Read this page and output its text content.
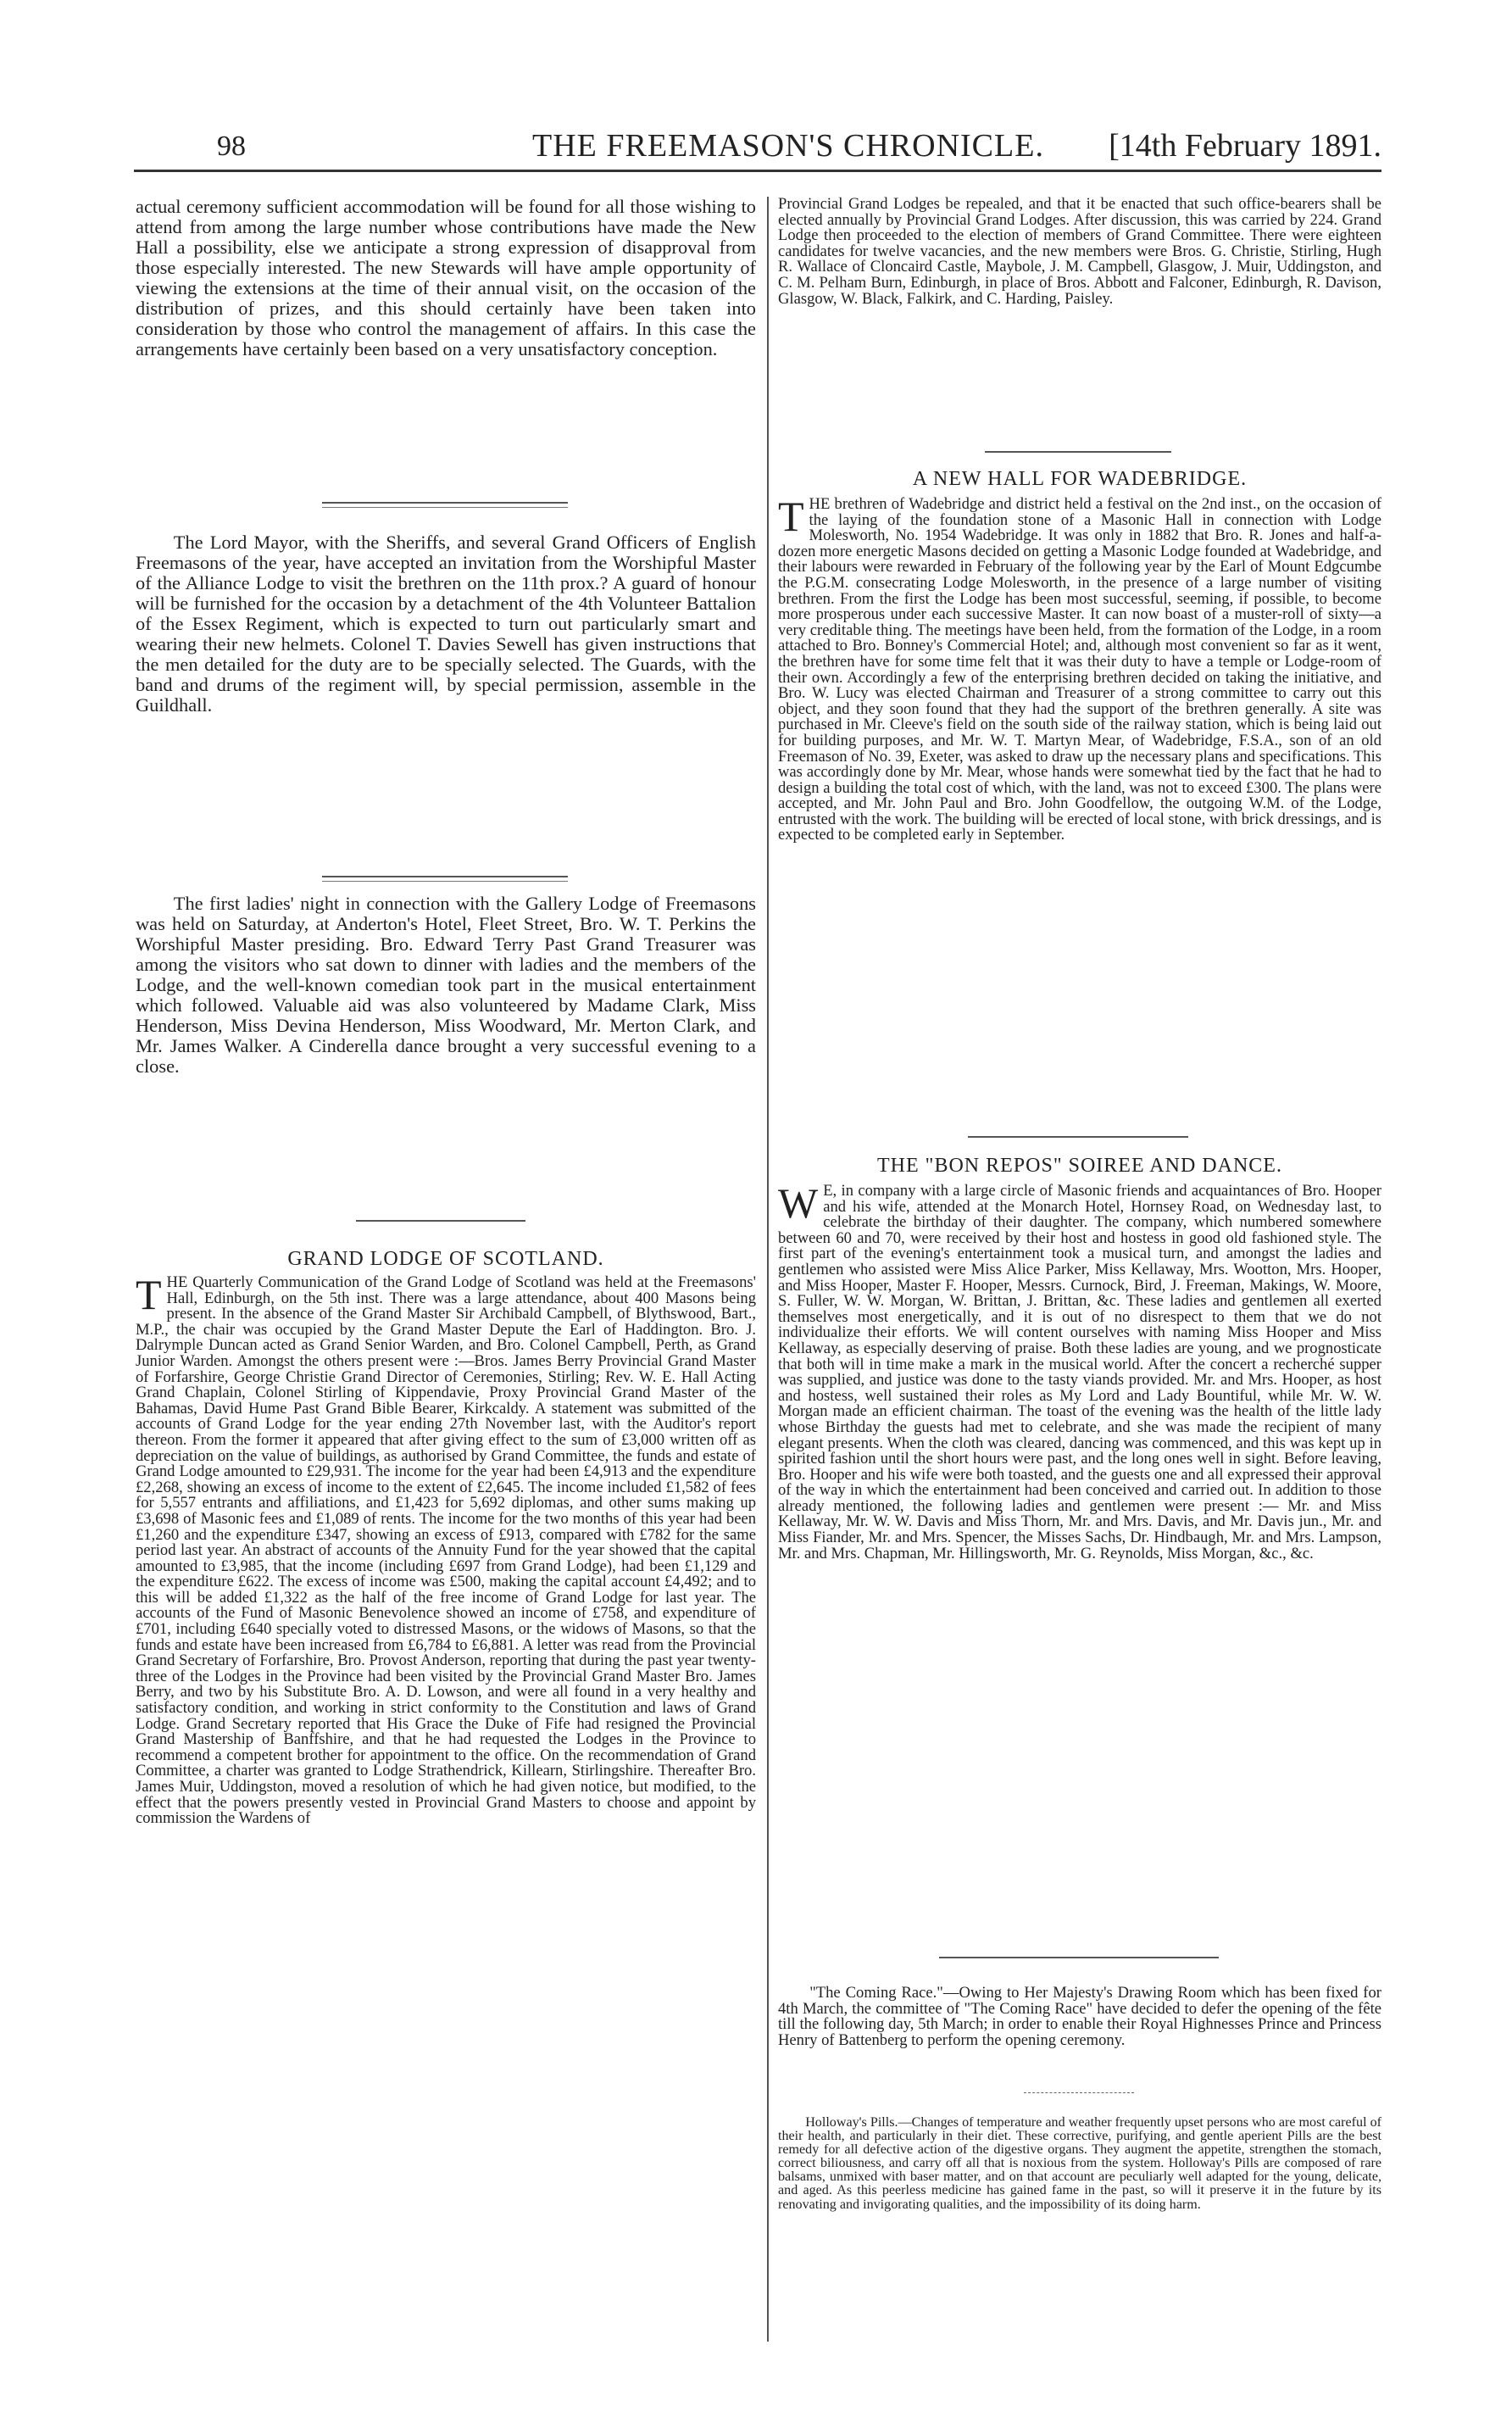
98	THE FREEMASON'S CHRONICLE. [14th February 1891.

actual ceremony sufficient accommodation will be found for all those wishing to attend from among the large number whose contributions have made the New Hall a possibility, else we anticipate a strong expression of disapproval from those especially interested. The new Stewards will have ample opportunity of viewing the extensions at the time of their annual visit, on the occasion of the distribution of prizes, and this should certainly have been taken into consideration by those who control the management of affairs. In this case the arrangements have certainly been based on a very unsatisfactory conception.

The Lord Mayor, with the Sheriffs, and several Grand Officers of English Freemasons of the year, have accepted an invitation from the Worshipful Master of the Alliance Lodge to visit the brethren on the 11th prox.? A guard of honour will be furnished for the occasion by a detachment of the 4th Volunteer Battalion of the Essex Regiment, which is expected to turn out particularly smart and wearing their new helmets. Colonel T. Davies Sewell has given instructions that the men detailed for the duty are to be specially selected. The Guards, with the band and drums of the regiment will, by special permission, assemble in the Guildhall.

The first ladies' night in connection with the Gallery Lodge of Freemasons was held on Saturday, at Anderton's Hotel, Fleet Street, Bro. W. T. Perkins the Worshipful Master presiding. Bro. Edward Terry Past Grand Treasurer was among the visitors who sat down to dinner with ladies and the members of the Lodge, and the well-known comedian took part in the musical entertainment which followed. Valuable aid was also volunteered by Madame Clark, Miss Henderson, Miss Devina Henderson, Miss Woodward, Mr. Merton Clark, and Mr. James Walker. A Cinderella dance brought a very successful evening to a close.

GRAND LODGE OF SCOTLAND.
T HE Quarterly Communication of the Grand Lodge of Scotland was held at the Freemasons' Hall, Edinburgh, on the 5th inst. There was a large attendance, about 400 Masons being present. In the absence of the Grand Master Sir Archibald Campbell, of Blythswood, Bart., M.P., the chair was occupied by the Grand Master Depute the Earl of Haddington. Bro. J. Dalrymple Duncan acted as Grand Senior Warden, and Bro. Colonel Campbell, Perth, as Grand Junior Warden. Amongst the others present were :—Bros. James Berry Provincial Grand Master of Forfarshire, George Christie Grand Director of Ceremonies, Stirling; Rev. W. E. Hall Acting Grand Chaplain, Colonel Stirling of Kippendavie, Proxy Provincial Grand Master of the Bahamas, David Hume Past Grand Bible Bearer, Kirkcaldy. A statement was submitted of the accounts of Grand Lodge for the year ending 27th November last, with the Auditor's report thereon. From the former it appeared that after giving effect to the sum of £3,000 written off as depreciation on the value of buildings, as authorised by Grand Committee, the funds and estate of Grand Lodge amounted to £29,931. The income for the year had been £4,913 and the expenditure £2,268, showing an excess of income to the extent of £2,645. The income included £1,582 of fees for 5,557 entrants and affiliations, and £1,423 for 5,692 diplomas, and other sums making up £3,698 of Masonic fees and £1,089 of rents. The income for the two months of this year had been £1,260 and the expenditure £347, showing an excess of £913, compared with £782 for the same period last year. An abstract of accounts of the Annuity Fund for the year showed that the capital amounted to £3,985, that the income (including £697 from Grand Lodge), had been £1,129 and the expenditure £622. The excess of income was £500, making the capital account £4,492; and to this will be added £1,322 as the half of the free income of Grand Lodge for last year. The accounts of the Fund of Masonic Benevolence showed an income of £758, and expenditure of £701, including £640 specially voted to distressed Masons, or the widows of Masons, so that the funds and estate have been increased from £6,784 to £6,881. A letter was read from the Provincial Grand Secretary of Forfarshire, Bro. Provost Anderson, reporting that during the past year twenty-three of the Lodges in the Province had been visited by the Provincial Grand Master Bro. James Berry, and two by his Substitute Bro. A. D. Lowson, and were all found in a very healthy and satisfactory condition, and working in strict conformity to the Constitution and laws of Grand Lodge. Grand Secretary reported that His Grace the Duke of Fife had resigned the Provincial Grand Mastership of Banffshire, and that he had requested the Lodges in the Province to recommend a competent brother for appointment to the office. On the recommendation of Grand Committee, a charter was granted to Lodge Strathendrick, Killearn, Stirlingshire. Thereafter Bro. James Muir, Uddingston, moved a resolution of which he had given notice, but modified, to the effect that the powers presently vested in Provincial Grand Masters to choose and appoint by commission the Wardens of

Provincial Grand Lodges be repealed, and that it be enacted that such office-bearers shall be elected annually by Provincial Grand Lodges. After discussion, this was carried by 224. Grand Lodge then proceeded to the election of members of Grand Committee. There were eighteen candidates for twelve vacancies, and the new members were Bros. G. Christie, Stirling, Hugh R. Wallace of Cloncaird Castle, Maybole, J. M. Campbell, Glasgow, J. Muir, Uddingston, and C. M. Pelham Burn, Edinburgh, in place of Bros. Abbott and Falconer, Edinburgh, R. Davison, Glasgow, W. Black, Falkirk, and C. Harding, Paisley.

A NEW HALL FOR WADEBRIDGE.
T HE brethren of Wadebridge and district held a festival on the 2nd inst., on the occasion of the laying of the foundation stone of a Masonic Hall in connection with Lodge Molesworth, No. 1954 Wadebridge. It was only in 1882 that Bro. R. Jones and half-a-dozen more energetic Masons decided on getting a Masonic Lodge founded at Wadebridge, and their labours were rewarded in February of the following year by the Earl of Mount Edgcumbe the P.G.M. consecrating Lodge Molesworth, in the presence of a large number of visiting brethren. From the first the Lodge has been most successful, seeming, if possible, to become more prosperous under each successive Master. It can now boast of a muster-roll of sixty—a very creditable thing. The meetings have been held, from the formation of the Lodge, in a room attached to Bro. Bonney's Commercial Hotel; and, although most convenient so far as it went, the brethren have for some time felt that it was their duty to have a temple or Lodge-room of their own. Accordingly a few of the enterprising brethren decided on taking the initiative, and Bro. W. Lucy was elected Chairman and Treasurer of a strong committee to carry out this object, and they soon found that they had the support of the brethren generally. A site was purchased in Mr. Cleeve's field on the south side of the railway station, which is being laid out for building purposes, and Mr. W. T. Martyn Mear, of Wadebridge, F.S.A., son of an old Freemason of No. 39, Exeter, was asked to draw up the necessary plans and specifications. This was accordingly done by Mr. Mear, whose hands were somewhat tied by the fact that he had to design a building the total cost of which, with the land, was not to exceed £300. The plans were accepted, and Mr. John Paul and Bro. John Goodfellow, the outgoing W.M. of the Lodge, entrusted with the work. The building will be erected of local stone, with brick dressings, and is expected to be completed early in September.
THE "BON REPOS" SOIREE AND DANCE.
W E, in company with a large circle of Masonic friends and acquaintances of Bro. Hooper and his wife, attended at the Monarch Hotel, Hornsey Road, on Wednesday last, to celebrate the birthday of their daughter. The company, which numbered somewhere between 60 and 70, were received by their host and hostess in good old fashioned style. The first part of the evening's entertainment took a musical turn, and amongst the ladies and gentlemen who assisted were Miss Alice Parker, Miss Kellaway, Mrs. Wootton, Mrs. Hooper, and Miss Hooper, Master F. Hooper, Messrs. Curnock, Bird, J. Freeman, Makings, W. Moore, S. Fuller, W. W. Morgan, W. Brittan, J. Brittan, &c. These ladies and gentlemen all exerted themselves most energetically, and it is out of no disrespect to them that we do not individualize their efforts. We will content ourselves with naming Miss Hooper and Miss Kellaway, as especially deserving of praise. Both these ladies are young, and we prognosticate that both will in time make a mark in the musical world. After the concert a recherché supper was supplied, and justice was done to the tasty viands provided. Mr. and Mrs. Hooper, as host and hostess, well sustained their roles as My Lord and Lady Bountiful, while Mr. W. W. Morgan made an efficient chairman. The toast of the evening was the health of the little lady whose Birthday the guests had met to celebrate, and she was made the recipient of many elegant presents. When the cloth was cleared, dancing was commenced, and this was kept up in spirited fashion until the short hours were past, and the long ones well in sight. Before leaving, Bro. Hooper and his wife were both toasted, and the guests one and all expressed their approval of the way in which the entertainment had been conceived and carried out. In addition to those already mentioned, the following ladies and gentlemen were present :— Mr. and Miss Kellaway, Mr. W. W. Davis and Miss Thorn, Mr. and Mrs. Davis, and Mr. Davis jun., Mr. and Miss Fiander, Mr. and Mrs. Spencer, the Misses Sachs, Dr. Hindbaugh, Mr. and Mrs. Lampson, Mr. and Mrs. Chapman, Mr. Hillingsworth, Mr. G. Reynolds, Miss Morgan, &c., &c.

"The Coming Race."—Owing to Her Majesty's Drawing Room which has been fixed for 4th March, the committee of "The Coming Race" have decided to defer the opening of the fête till the following day, 5th March; in order to enable their Royal Highnesses Prince and Princess Henry of Battenberg to perform the opening ceremony.

Holloway's Pills.—Changes of temperature and weather frequently upset persons who are most careful of their health, and particularly in their diet. These corrective, purifying, and gentle aperient Pills are the best remedy for all defective action of the digestive organs. They augment the appetite, strengthen the stomach, correct biliousness, and carry off all that is noxious from the system. Holloway's Pills are composed of rare balsams, unmixed with baser matter, and on that account are peculiarly well adapted for the young, delicate, and aged. As this peerless medicine has gained fame in the past, so will it preserve it in the future by its renovating and invigorating qualities, and the impossibility of its doing harm.
